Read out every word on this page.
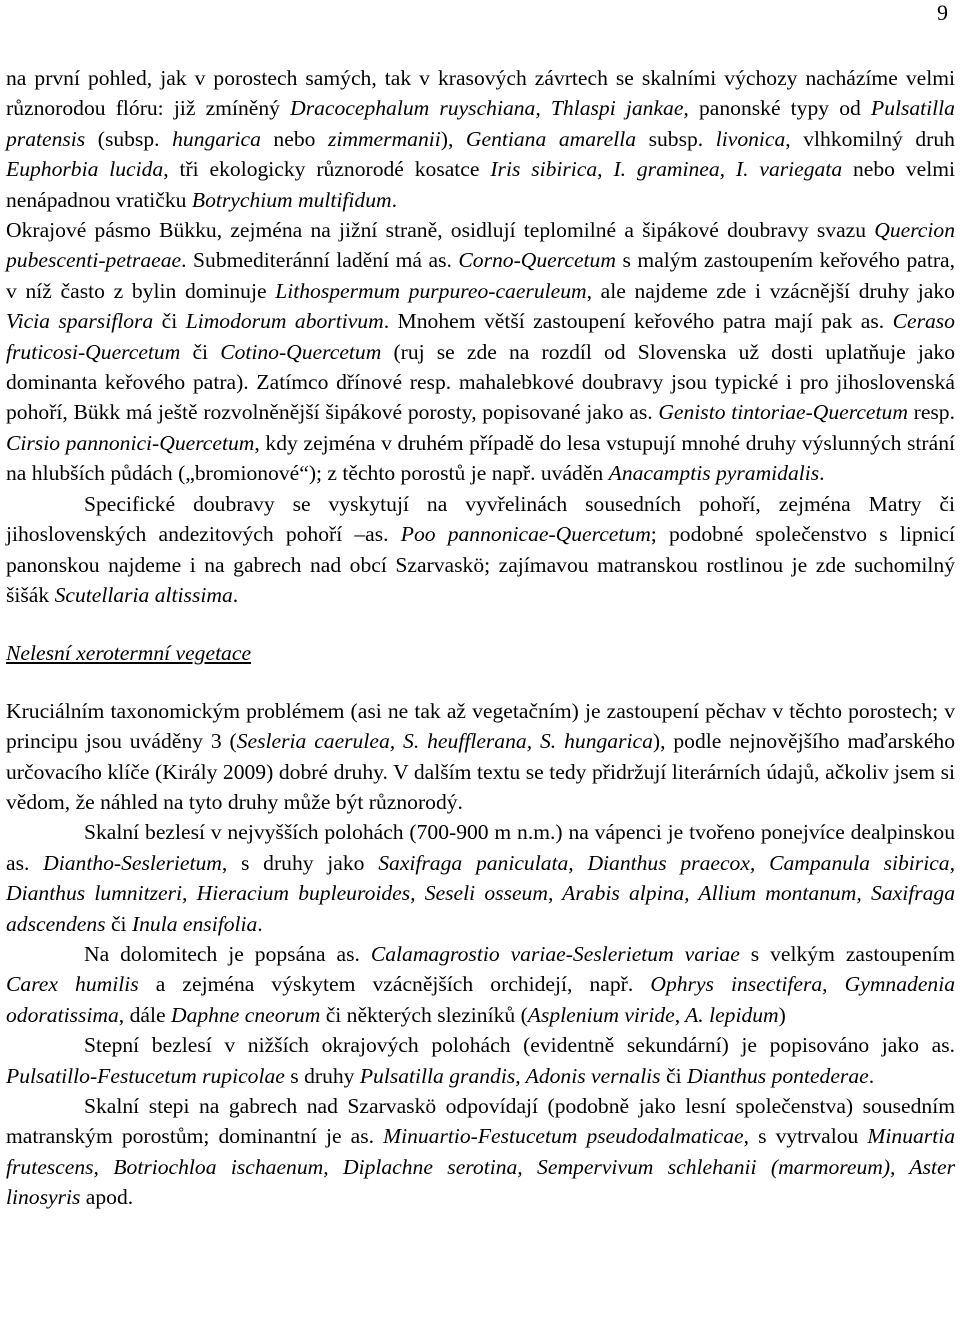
9

na první pohled, jak v porostech samých, tak v krasových závrtech se skalními výchozy nacházíme velmi různorodou flóru: již zmíněný Dracocephalum ruyschiana, Thlaspi jankae, panonské typy od Pulsatilla pratensis (subsp. hungarica nebo zimmermanii), Gentiana amarella subsp. livonica, vlhkomilný druh Euphorbia lucida, tři ekologicky různorodé kosatce Iris sibirica, I. graminea, I. variegata nebo velmi nenápadnou vratičku Botrychium multifidum.

Okrajové pásmo Bükku, zejména na jižní straně, osidlují teplomilné a šipákové doubravy svazu Quercion pubescenti-petraeae. Submediteránní ladění má as. Corno-Quercetum s malým zastoupením keřového patra, v níž často z bylin dominuje Lithospermum purpureo-caeruleum, ale najdeme zde i vzácnější druhy jako Vicia sparsiflora či Limodorum abortivum. Mnohem větší zastoupení keřového patra mají pak as. Ceraso fruticosi-Quercetum či Cotino-Quercetum (ruj se zde na rozdíl od Slovenska už dosti uplatňuje jako dominanta keřového patra). Zatímco dřínové resp. mahalebkové doubravy jsou typické i pro jihoslovenská pohoří, Bükk má ještě rozvolněnější šipákové porosty, popisované jako as. Genisto tintoriae-Quercetum resp. Cirsio pannonici-Quercetum, kdy zejména v druhém případě do lesa vstupují mnohé druhy výslunných strání na hlubších půdách („bromionové“); z těchto porostů je např. uváděn Anacamptis pyramidalis.

Specifické doubravy se vyskytují na vyvřelinách sousedních pohoří, zejména Matry či jihoslovenských andezitových pohoří –as. Poo pannonicae-Quercetum; podobné společenstvo s lipnicí panonskou najdeme i na gabrech nad obcí Szarvaskö; zajímavou matranskou rostlinou je zde suchomilný šišák Scutellaria altissima.

Nelesní xerotermní vegetace

Kruciálním taxonomickým problémem (asi ne tak až vegetačním) je zastoupení pěchav v těchto porostech; v principu jsou uváděny 3 (Sesleria caerulea, S. heufflerana, S. hungarica), podle nejnovějšího maďarského určovacího klíče (Király 2009) dobré druhy. V dalším textu se tedy přidržují literárních údajů, ačkoliv jsem si vědom, že náhled na tyto druhy může být různorodý.

Skalní bezlesí v nejvyšších polohách (700-900 m n.m.) na vápenci je tvořeno ponejvíce dealpinskou as. Diantho-Seslerietum, s druhy jako Saxifraga paniculata, Dianthus praecox, Campanula sibirica, Dianthus lumnitzeri, Hieracium bupleuroides, Seseli osseum, Arabis alpina, Allium montanum, Saxifraga adscendens či Inula ensifolia.

Na dolomitech je popsána as. Calamagrostio variae-Seslerietum variae s velkým zastoupením Carex humilis a zejména výskytem vzácnějších orchidejí, např. Ophrys insectifera, Gymnadenia odoratissima, dále Daphne cneorum či některých sleziníků (Asplenium viride, A. lepidum)

Stepní bezlesí v nižších okrajových polohách (evidentně sekundární) je popisováno jako as. Pulsatillo-Festucetum rupicolae s druhy Pulsatilla grandis, Adonis vernalis či Dianthus pontederae.

Skalní stepi na gabrech nad Szarvaskö odpovídají (podobně jako lesní společenstva) sousedním matranským porostům; dominantní je as. Minuartio-Festucetum pseudodalmaticae, s vytrvalou Minuartia frutescens, Botriochloa ischaenum, Diplachne serotina, Sempervivum schlehanii (marmoreum), Aster linosyris apod.
